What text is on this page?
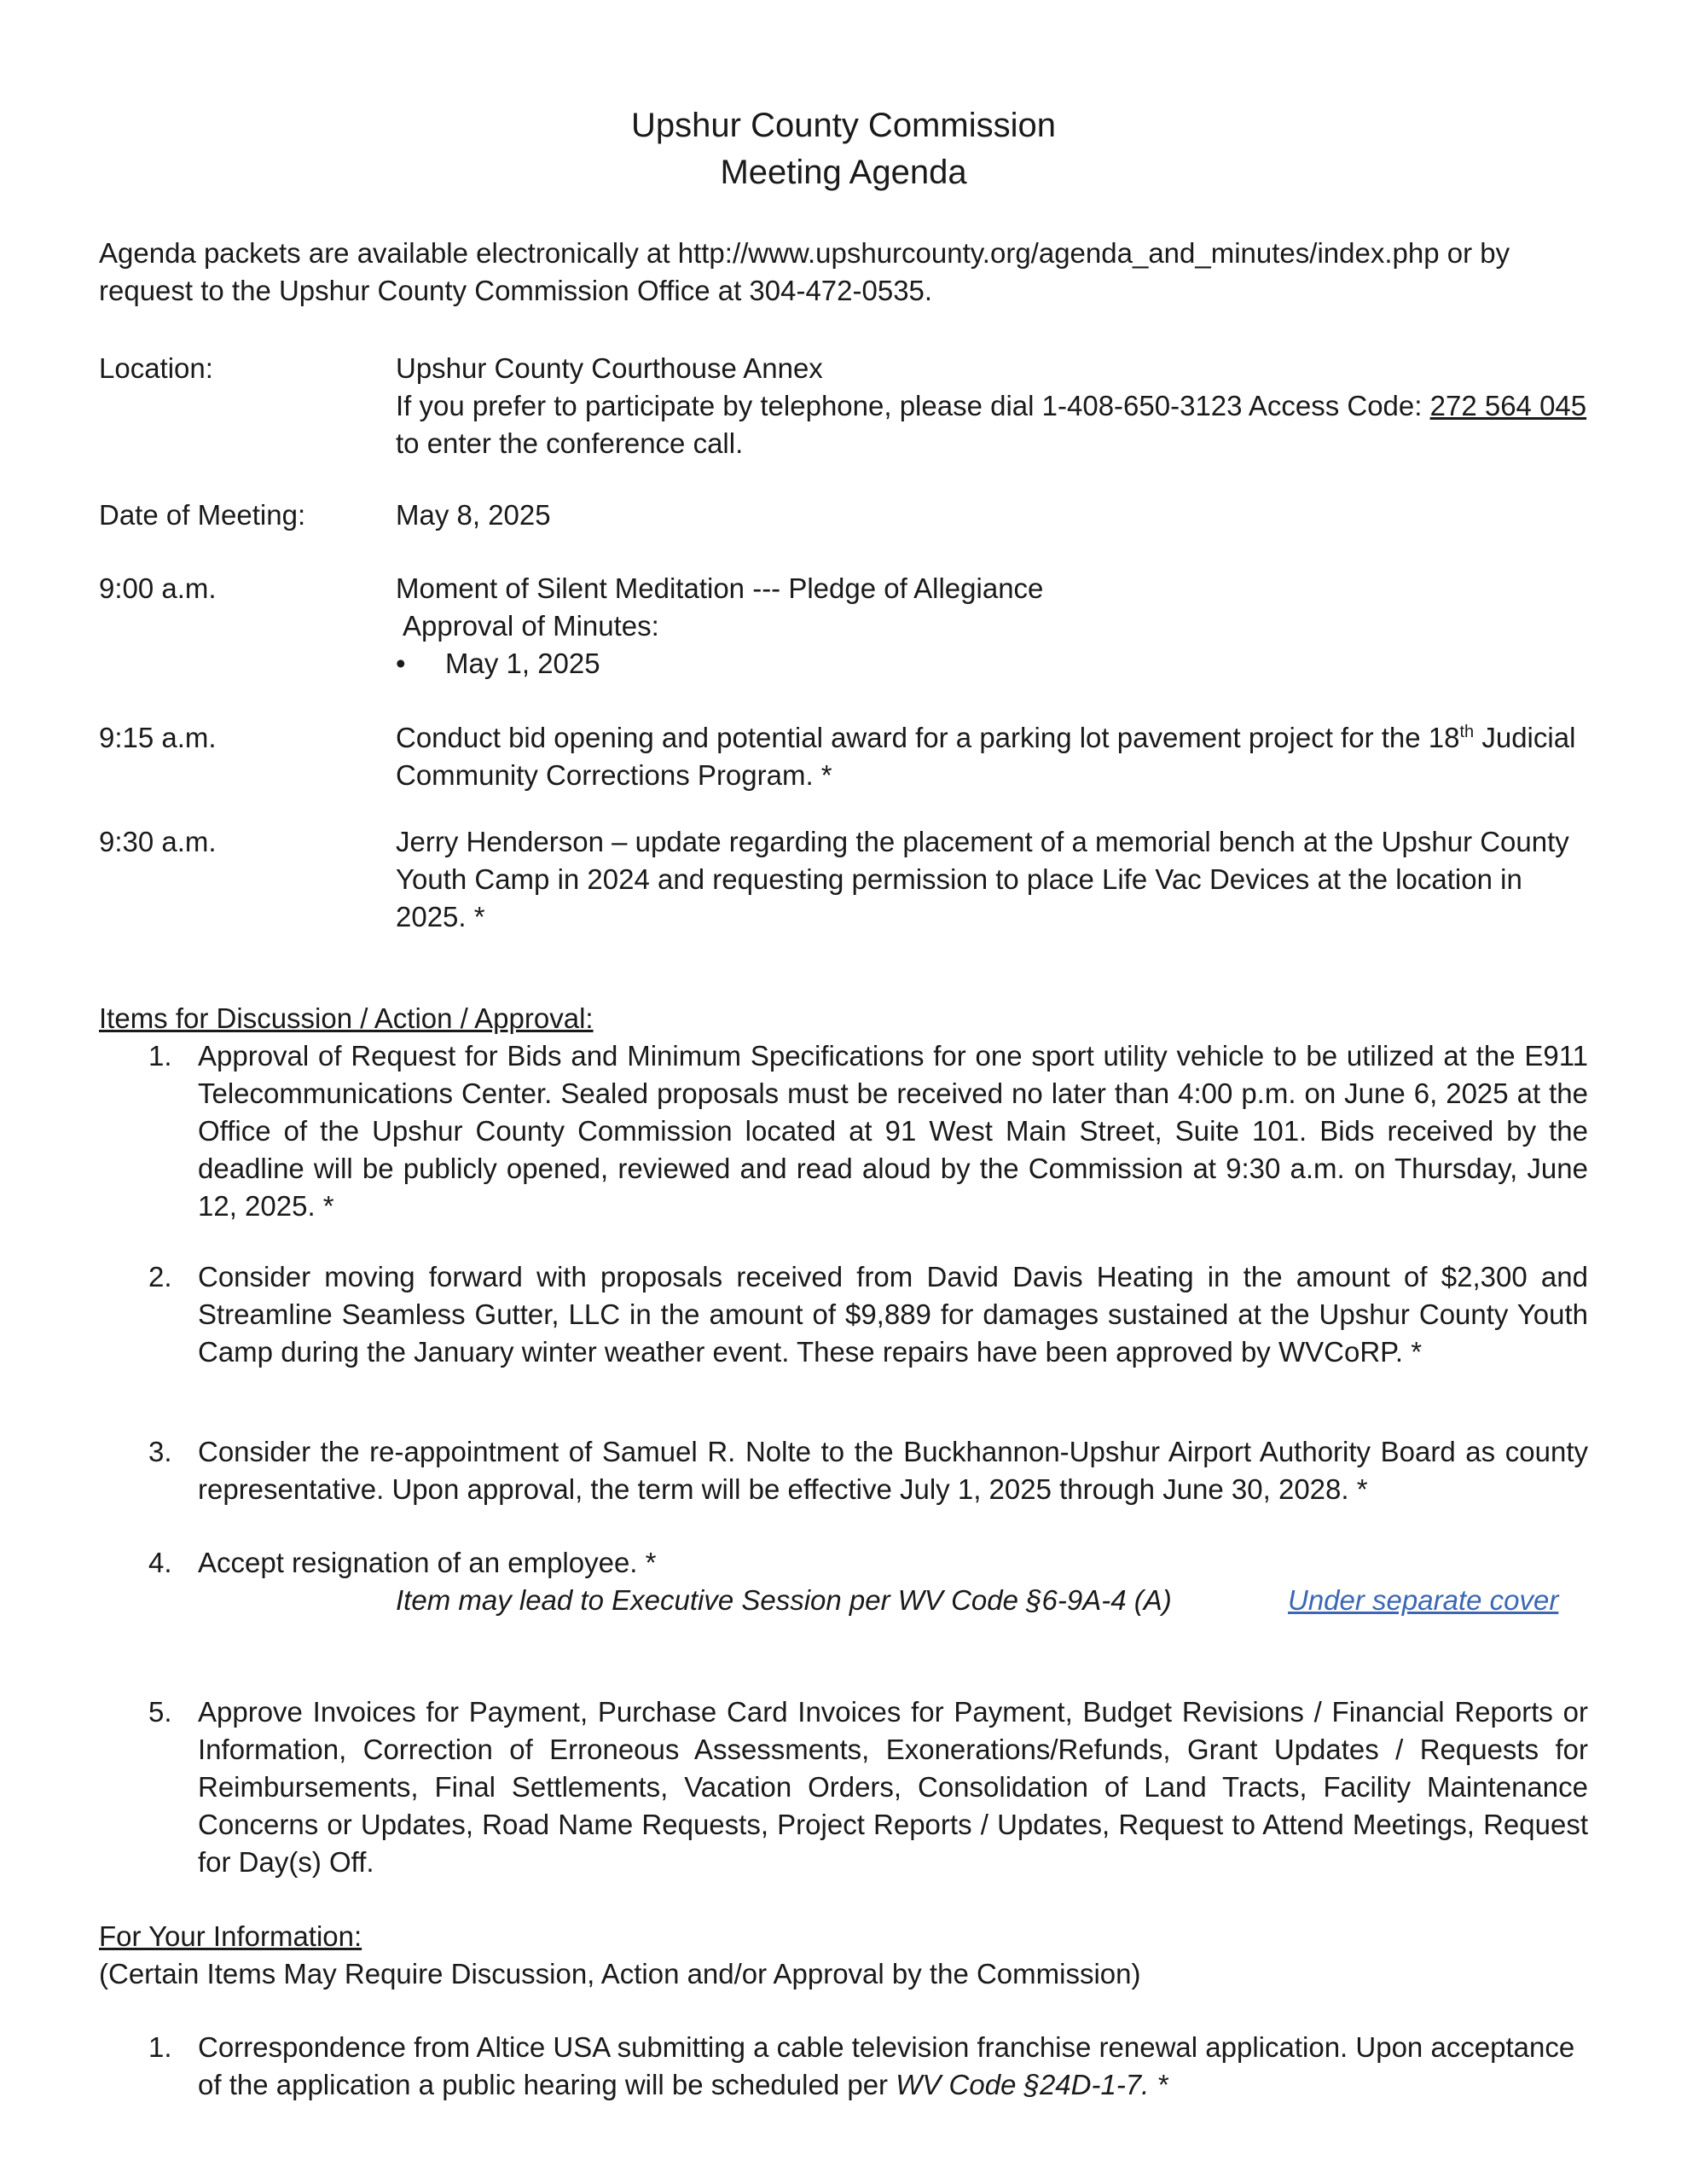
Upshur County Commission
Meeting Agenda
Agenda packets are available electronically at http://www.upshurcounty.org/agenda_and_minutes/index.php or by request to the Upshur County Commission Office at 304-472-0535.
Location:	Upshur County Courthouse Annex
If you prefer to participate by telephone, please dial 1-408-650-3123 Access Code: 272 564 045
to enter the conference call.
Date of Meeting:	May 8, 2025
9:00 a.m.	Moment of Silent Meditation --- Pledge of Allegiance
Approval of Minutes:
•	May 1, 2025
9:15 a.m.	Conduct bid opening and potential award for a parking lot pavement project for the 18th Judicial Community Corrections Program. *
9:30 a.m.	Jerry Henderson – update regarding the placement of a memorial bench at the Upshur County Youth Camp in 2024 and requesting permission to place Life Vac Devices at the location in 2025. *
Items for Discussion / Action / Approval:
1. Approval of Request for Bids and Minimum Specifications for one sport utility vehicle to be utilized at the E911 Telecommunications Center. Sealed proposals must be received no later than 4:00 p.m. on June 6, 2025 at the Office of the Upshur County Commission located at 91 West Main Street, Suite 101. Bids received by the deadline will be publicly opened, reviewed and read aloud by the Commission at 9:30 a.m. on Thursday, June 12, 2025. *
2. Consider moving forward with proposals received from David Davis Heating in the amount of $2,300 and Streamline Seamless Gutter, LLC in the amount of $9,889 for damages sustained at the Upshur County Youth Camp during the January winter weather event. These repairs have been approved by WVCoRP. *
3. Consider the re-appointment of Samuel R. Nolte to the Buckhannon-Upshur Airport Authority Board as county representative. Upon approval, the term will be effective July 1, 2025 through June 30, 2028. *
4. Accept resignation of an employee. *
Item may lead to Executive Session per WV Code §6-9A-4 (A)	Under separate cover
5. Approve Invoices for Payment, Purchase Card Invoices for Payment, Budget Revisions / Financial Reports or Information, Correction of Erroneous Assessments, Exonerations/Refunds, Grant Updates / Requests for Reimbursements, Final Settlements, Vacation Orders, Consolidation of Land Tracts, Facility Maintenance Concerns or Updates, Road Name Requests, Project Reports / Updates, Request to Attend Meetings, Request for Day(s) Off.
For Your Information:
(Certain Items May Require Discussion, Action and/or Approval by the Commission)
1. Correspondence from Altice USA submitting a cable television franchise renewal application. Upon acceptance of the application a public hearing will be scheduled per WV Code §24D-1-7. *
